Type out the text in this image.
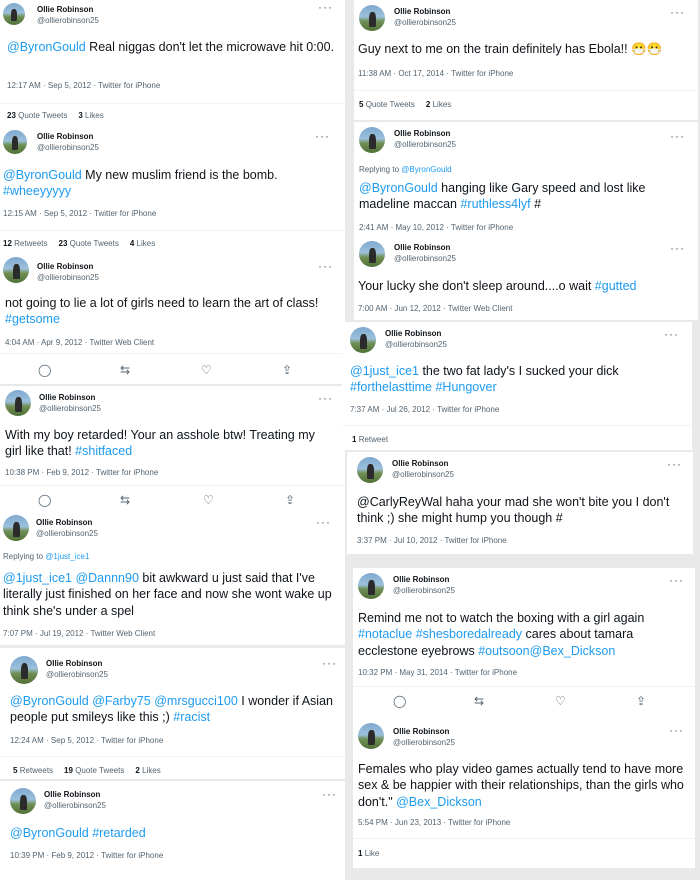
Ollie Robinson
@ollierobinson25
···
@ByronGould Real niggas don't let the microwave hit 0:00.
12:17 AM · Sep 5, 2012 · Twitter for iPhone
23 Quote Tweets 3 Likes
Ollie Robinson
@ollierobinson25
···
@ByronGould My new muslim friend is the bomb. #wheeyyyyy
12:15 AM · Sep 5, 2012 · Twitter for iPhone
12 Retweets 23 Quote Tweets 4 Likes
Ollie Robinson
@ollierobinson25
···
not going to lie a lot of girls need to learn the art of class! #getsome
4:04 AM · Apr 9, 2012 · Twitter Web Client
◯	⇆	♡	⇪
Ollie Robinson
@ollierobinson25
···
With my boy retarded! Your an asshole btw! Treating my girl like that! #shitfaced
10:38 PM · Feb 9, 2012 · Twitter for iPhone
◯	⇆	♡	⇪
Ollie Robinson
@ollierobinson25
···
Replying to @1just_ice1
@1just_ice1 @Dannn90 bit awkward u just said that I've literally just finished on her face and now she wont wake up think she's under a spel
7:07 PM · Jul 19, 2012 · Twitter Web Client
Ollie Robinson
@ollierobinson25
···
@ByronGould @Farby75 @mrsgucci100 I wonder if Asian people put smileys like this ;) #racist
12:24 AM · Sep 5, 2012 · Twitter for iPhone
5 Retweets 19 Quote Tweets 2 Likes
Ollie Robinson
@ollierobinson25
···
@ByronGould #retarded
10:39 PM · Feb 9, 2012 · Twitter for iPhone
Ollie Robinson
@ollierobinson25
···
Guy next to me on the train definitely has Ebola!! 😷😷
11:38 AM · Oct 17, 2014 · Twitter for iPhone
5 Quote Tweets 2 Likes
Ollie Robinson
@ollierobinson25
···
Replying to @ByronGould
@ByronGould hanging like Gary speed and lost like madeline maccan #ruthless4lyf #
2:41 AM · May 10, 2012 · Twitter for iPhone
Ollie Robinson
@ollierobinson25
···
Your lucky she don't sleep around....o wait #gutted
7:00 AM · Jun 12, 2012 · Twitter Web Client
Ollie Robinson
@ollierobinson25
···
@1just_ice1 the two fat lady's I sucked your dick #forthelasttime #Hungover
7:37 AM · Jul 26, 2012 · Twitter for iPhone
1 Retweet
Ollie Robinson
@ollierobinson25
···
@CarlyReyWal haha your mad she won't bite you I don't think ;) she might hump you though #
3:37 PM · Jul 10, 2012 · Twitter for iPhone
Ollie Robinson
@ollierobinson25
···
Remind me not to watch the boxing with a girl again #notaclue #shesboredalready cares about tamara ecclestone eyebrows #outsoon@Bex_Dickson
10:32 PM · May 31, 2014 · Twitter for iPhone
◯	⇆	♡	⇪
Ollie Robinson
@ollierobinson25
···
Females who play video games actually tend to have more sex & be happier with their relationships, than the girls who don't." @Bex_Dickson
5:54 PM · Jun 23, 2013 · Twitter for iPhone
1 Like
